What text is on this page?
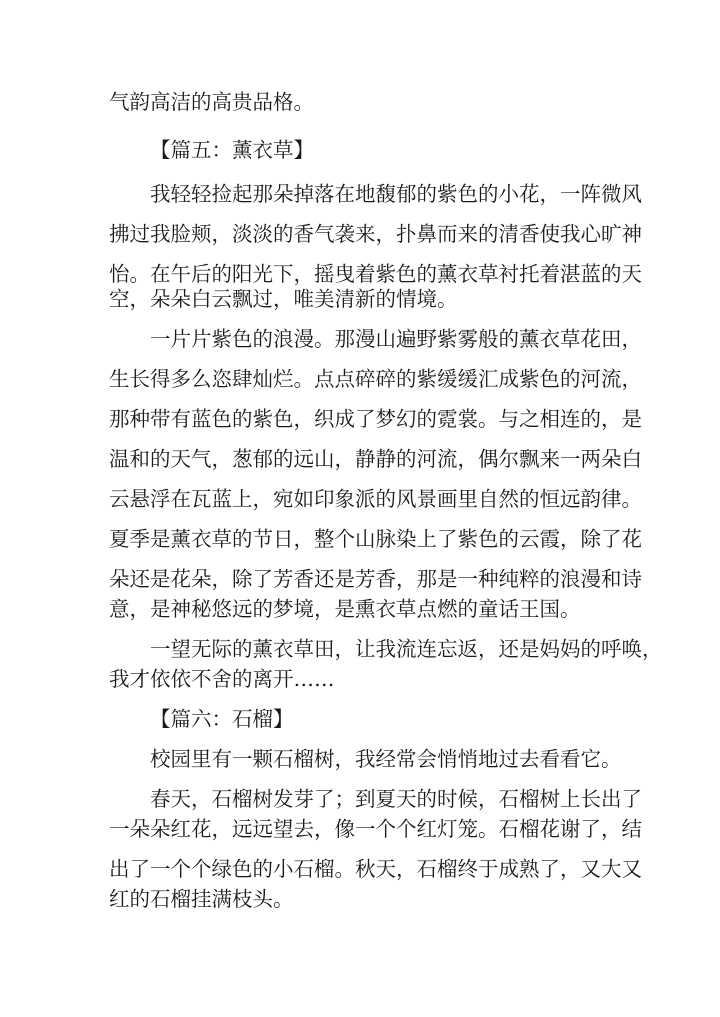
气韵高洁的高贵品格。
【篇五：薰衣草】
我轻轻捡起那朵掉落在地馥郁的紫色的小花，一阵微风
拂过我脸颊，淡淡的香气袭来，扑鼻而来的清香使我心旷神
怡。在午后的阳光下，摇曳着紫色的薰衣草衬托着湛蓝的天
空，朵朵白云飘过，唯美清新的情境。
一片片紫色的浪漫。那漫山遍野紫雾般的薰衣草花田，
生长得多么恣肆灿烂。点点碎碎的紫缓缓汇成紫色的河流，
那种带有蓝色的紫色，织成了梦幻的霓裳。与之相连的，是
温和的天气，葱郁的远山，静静的河流，偶尔飘来一两朵白
云悬浮在瓦蓝上，宛如印象派的风景画里自然的恒远韵律。
夏季是薰衣草的节日，整个山脉染上了紫色的云霞，除了花
朵还是花朵，除了芳香还是芳香，那是一种纯粹的浪漫和诗
意，是神秘悠远的梦境，是熏衣草点燃的童话王国。
一望无际的薰衣草田，让我流连忘返，还是妈妈的呼唤，
我才依依不舍的离开……
【篇六：石榴】
校园里有一颗石榴树，我经常会悄悄地过去看看它。
春天，石榴树发芽了；到夏天的时候，石榴树上长出了
一朵朵红花，远远望去，像一个个红灯笼。石榴花谢了，结
出了一个个绿色的小石榴。秋天，石榴终于成熟了，又大又
红的石榴挂满枝头。
